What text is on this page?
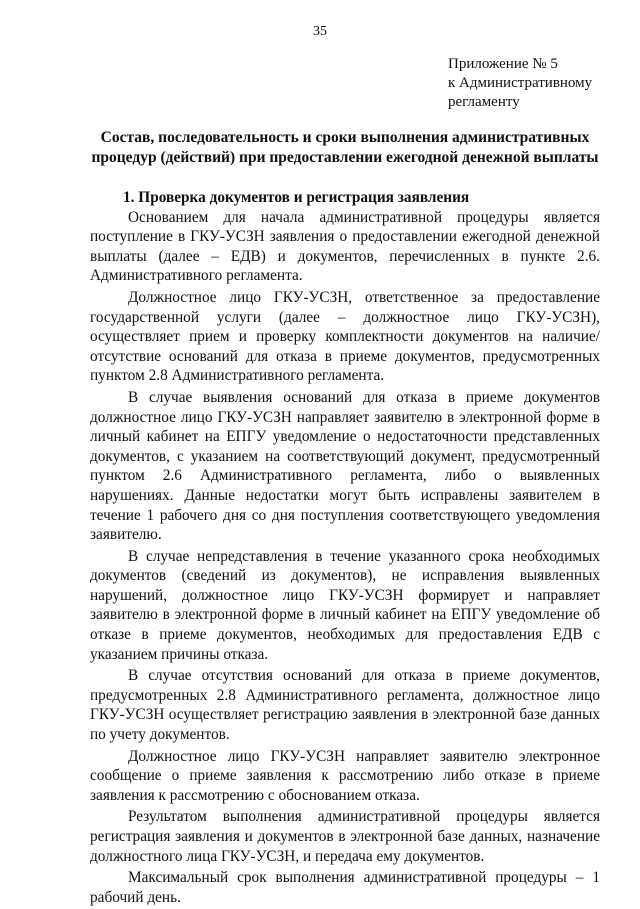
35
Приложение № 5
к Административному
регламенту
Состав, последовательность и сроки выполнения административных
процедур (действий) при предоставлении ежегодной денежной выплаты

1. Проверка документов и регистрация заявления

Основанием для начала административной процедуры является поступление в ГКУ-УСЗН заявления о предоставлении ежегодной денежной выплаты (далее – ЕДВ) и документов, перечисленных в пункте 2.6. Административного регламента.

Должностное лицо ГКУ-УСЗН, ответственное за предоставление государственной услуги (далее – должностное лицо ГКУ-УСЗН), осуществляет прием и проверку комплектности документов на наличие/отсутствие оснований для отказа в приеме документов, предусмотренных пунктом 2.8 Административного регламента.

В случае выявления оснований для отказа в приеме документов должностное лицо ГКУ-УСЗН направляет заявителю в электронной форме в личный кабинет на ЕПГУ уведомление о недостаточности представленных документов, с указанием на соответствующий документ, предусмотренный пунктом 2.6 Административного регламента, либо о выявленных нарушениях. Данные недостатки могут быть исправлены заявителем в течение 1 рабочего дня со дня поступления соответствующего уведомления заявителю.

В случае непредставления в течение указанного срока необходимых документов (сведений из документов), не исправления выявленных нарушений, должностное лицо ГКУ-УСЗН формирует и направляет заявителю в электронной форме в личный кабинет на ЕПГУ уведомление об отказе в приеме документов, необходимых для предоставления ЕДВ с указанием причины отказа.

В случае отсутствия оснований для отказа в приеме документов, предусмотренных 2.8 Административного регламента, должностное лицо ГКУ-УСЗН осуществляет регистрацию заявления в электронной базе данных по учету документов.

Должностное лицо ГКУ-УСЗН направляет заявителю электронное сообщение о приеме заявления к рассмотрению либо отказе в приеме заявления к рассмотрению с обоснованием отказа.

Результатом выполнения административной процедуры является регистрация заявления и документов в электронной базе данных, назначение должностного лица ГКУ-УСЗН, и передача ему документов.

Максимальный срок выполнения административной процедуры – 1 рабочий день.
